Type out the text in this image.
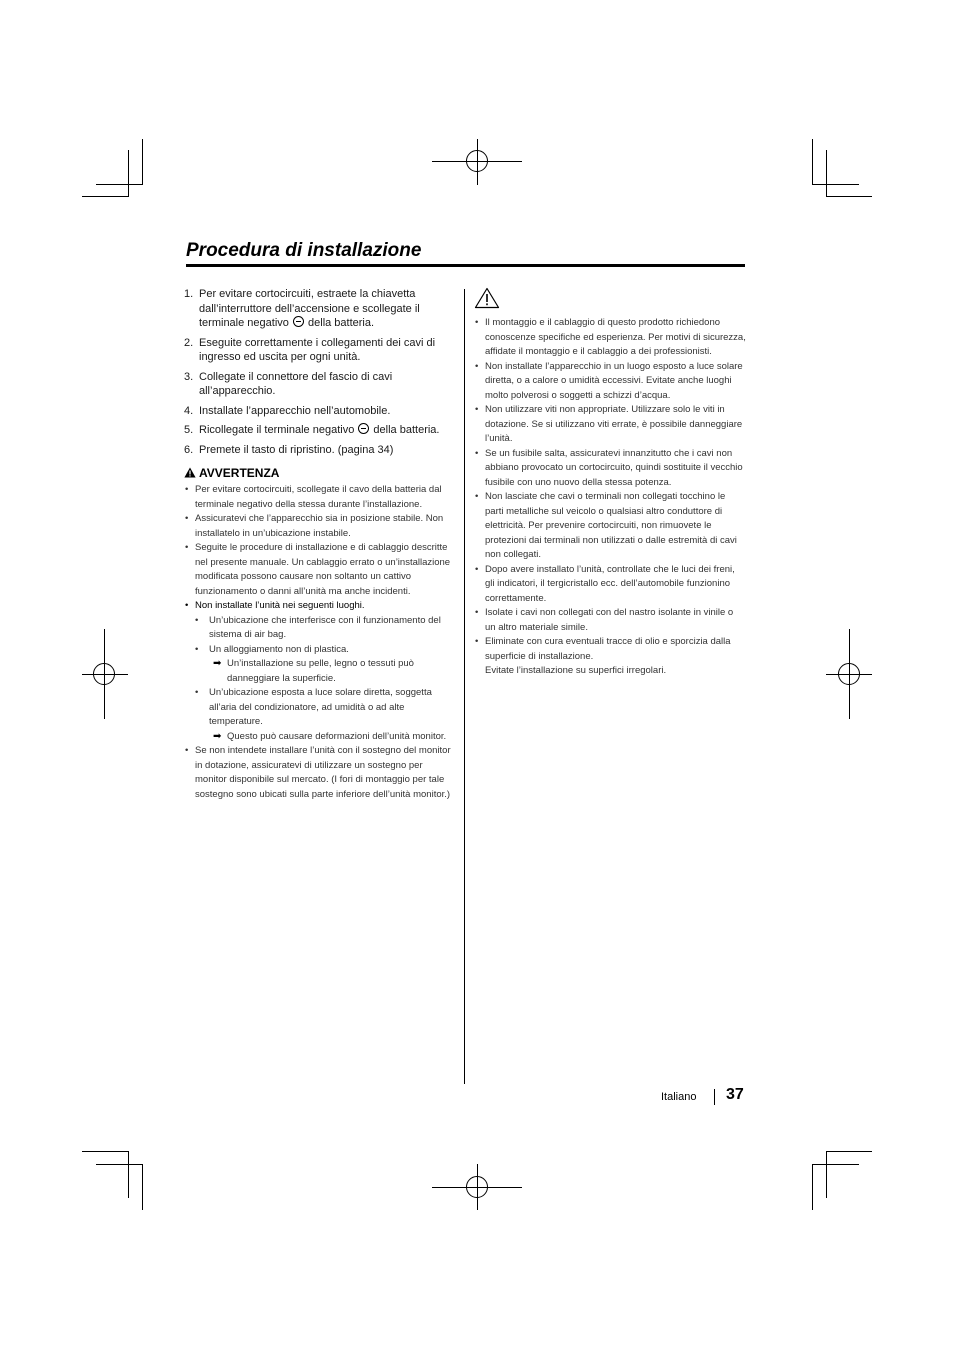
Procedura di installazione
1. Per evitare cortocircuiti, estraete la chiavetta dall’interruttore dell’accensione e scollegate il terminale negativo  della batteria.
2. Eseguite correttamente i collegamenti dei cavi di ingresso ed uscita per ogni unità.
3. Collegate il connettore del fascio di cavi all’apparecchio.
4. Installate l’apparecchio nell’automobile.
5. Ricollegate il terminale negativo  della batteria.
6. Premete il tasto di ripristino. (pagina 34)
AVVERTENZA
• Per evitare cortocircuiti, scollegate il cavo della batteria dal terminale negativo della stessa durante l’installazione.
• Assicuratevi che l’apparecchio sia in posizione stabile. Non installatelo in un’ubicazione instabile.
• Seguite le procedure di installazione e di cablaggio descritte nel presente manuale. Un cablaggio errato o un’installazione modificata possono causare non soltanto un cattivo funzionamento o danni all’unità ma anche incidenti.
• Non installate l’unità nei seguenti luoghi.
• Un’ubicazione che interferisce con il funzionamento del sistema di air bag.
• Un alloggiamento non di plastica.
➡ Un’installazione su pelle, legno o tessuti può danneggiare la superficie.
• Un’ubicazione esposta a luce solare diretta, soggetta all’aria del condizionatore, ad umidità o ad alte temperature.
➡ Questo può causare deformazioni dell’unità monitor.
• Se non intendete installare l’unità con il sostegno del monitor in dotazione, assicuratevi di utilizzare un sostegno per monitor disponibile sul mercato. (I fori di montaggio per tale sostegno sono ubicati sulla parte inferiore dell’unità monitor.)
• Il montaggio e il cablaggio di questo prodotto richiedono conoscenze specifiche ed esperienza. Per motivi di sicurezza, affidate il montaggio e il cablaggio a dei professionisti.
• Non installate l’apparecchio in un luogo esposto a luce solare diretta, o a calore o umidità eccessivi. Evitate anche luoghi molto polverosi o soggetti a schizzi d’acqua.
• Non utilizzare viti non appropriate. Utilizzare solo le viti in dotazione. Se si utilizzano viti errate, è possibile danneggiare l’unità.
• Se un fusibile salta, assicuratevi innanzitutto che i cavi non abbiano provocato un cortocircuito, quindi sostituite il vecchio fusibile con uno nuovo della stessa potenza.
• Non lasciate che cavi o terminali non collegati tocchino le parti metalliche sul veicolo o qualsiasi altro conduttore di elettricità. Per prevenire cortocircuiti, non rimuovete le protezioni dai terminali non utilizzati o dalle estremità di cavi non collegati.
• Dopo avere installato l’unità, controllate che le luci dei freni, gli indicatori, il tergicristallo ecc. dell’automobile funzionino correttamente.
• Isolate i cavi non collegati con del nastro isolante in vinile o un altro materiale simile.
• Eliminate con cura eventuali tracce di olio e sporcizia dalla superficie di installazione.
Evitate l’installazione su superfici irregolari.
Italiano 37
